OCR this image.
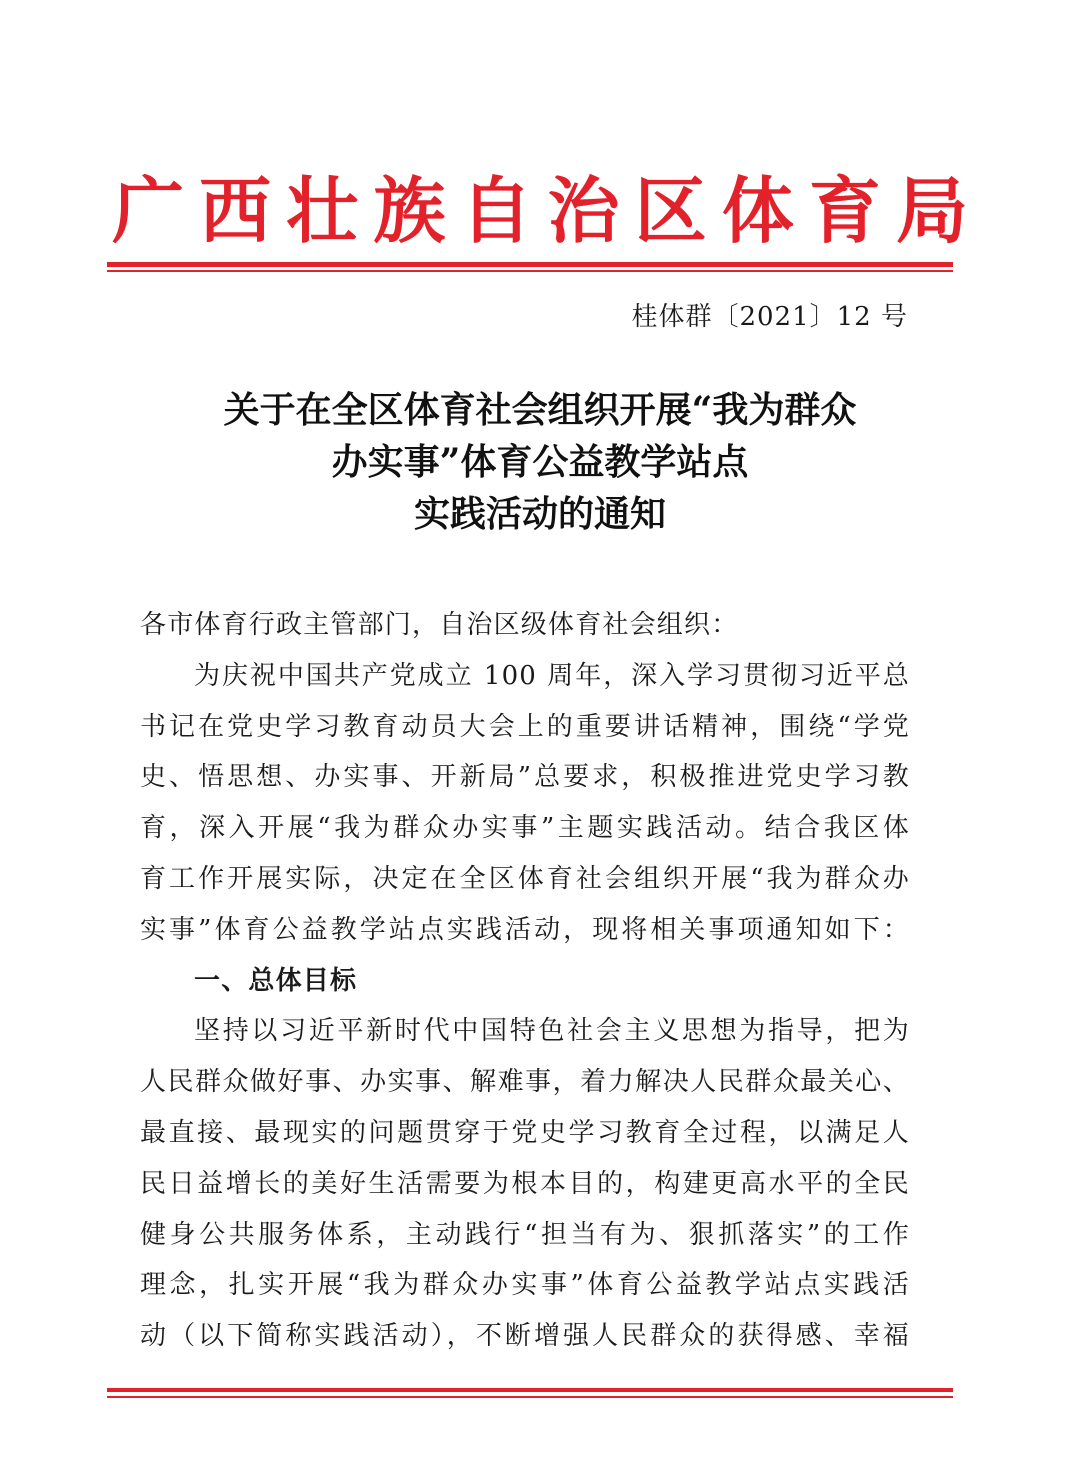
广 西 壮 族 自 治 区 体 育 局
桂体群〔2021〕12 号
关于在全区体育社会组织开展“我为群众
办实事”体育公益教学站点
实践活动的通知
各市体育行政主管部门，自治区级体育社会组织：
为庆祝中国共产党成立 100 周年，深入学习贯彻习近平总
书记在党史学习教育动员大会上的重要讲话精神，围绕“学党
史、悟思想、办实事、开新局”总要求，积极推进党史学习教
育，深入开展“我为群众办实事”主题实践活动。结合我区体
育工作开展实际，决定在全区体育社会组织开展“我为群众办
实事”体育公益教学站点实践活动，现将相关事项通知如下：
一、总体目标
坚持以习近平新时代中国特色社会主义思想为指导，把为
人民群众做好事、办实事、解难事，着力解决人民群众最关心、
最直接、最现实的问题贯穿于党史学习教育全过程，以满足人
民日益增长的美好生活需要为根本目的，构建更高水平的全民
健身公共服务体系，主动践行“担当有为、狠抓落实”的工作
理念，扎实开展“我为群众办实事”体育公益教学站点实践活
动（以下简称实践活动），不断增强人民群众的获得感、幸福
